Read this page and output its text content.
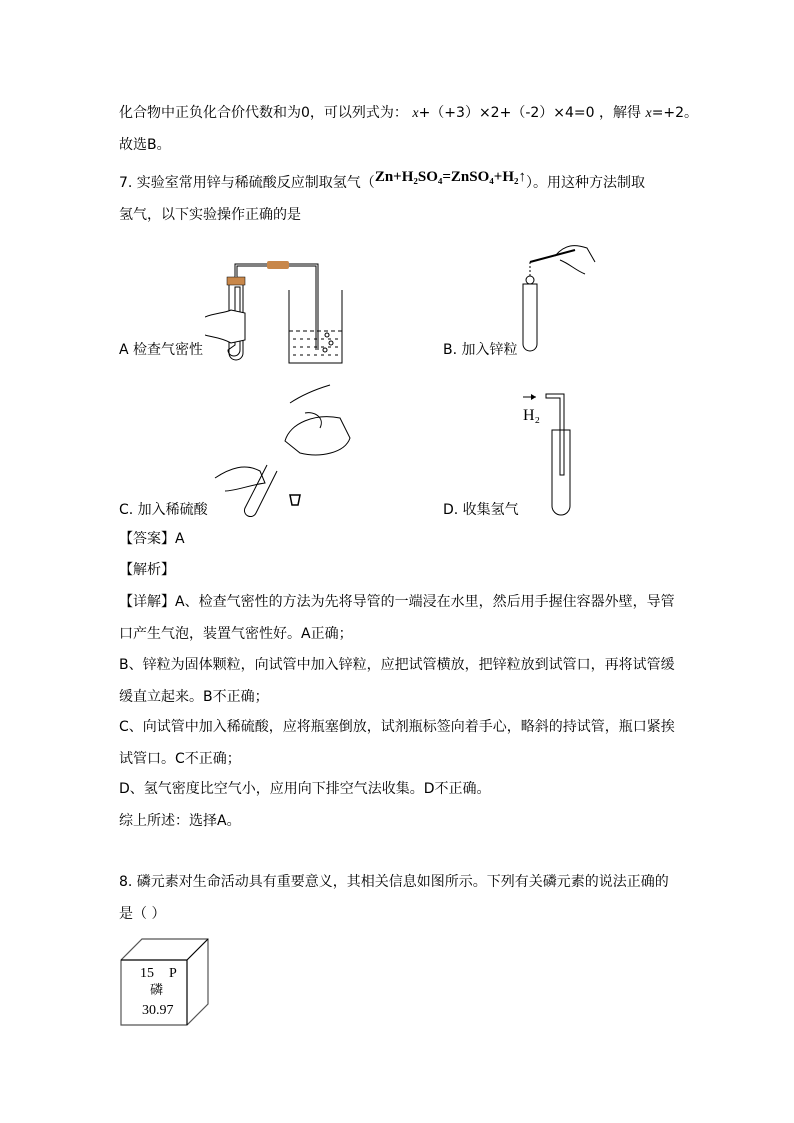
化合物中正负化合价代数和为0，可以列式为： x+（+3）×2+（-2）×4=0 ，解得 x=+2。
故选B。
7. 实验室常用锌与稀硫酸反应制取氢气（Zn+H₂SO₄=ZnSO₄+H₂↑）。用这种方法制取
氢气，以下实验操作正确的是
A 检查气密性	B. 加入锌粒
C. 加入稀硫酸
H₂
D. 收集氢气
【答案】A
【解析】
【详解】A、检查气密性的方法为先将导管的一端浸在水里，然后用手握住容器外壁，导管
口产生气泡，装置气密性好。A正确；
B、锌粒为固体颗粒，向试管中加入锌粒，应把试管横放，把锌粒放到试管口，再将试管缓
缓直立起来。B不正确；
C、向试管中加入稀硫酸，应将瓶塞倒放，试剂瓶标签向着手心，略斜的持试管，瓶口紧挨
试管口。C不正确；
D、氢气密度比空气小，应用向下排空气法收集。D不正确。
综上所述：选择A。
8. 磷元素对生命活动具有重要意义，其相关信息如图所示。下列有关磷元素的说法正确的
是（ ）
15 P
磷
30.97
